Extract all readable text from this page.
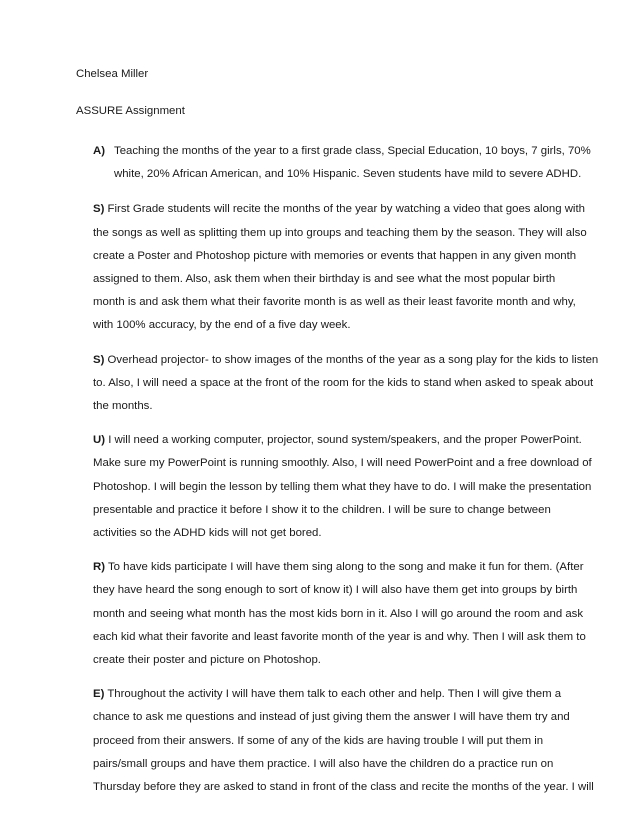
Chelsea Miller
ASSURE Assignment
A) Teaching the months of the year to a first grade class, Special Education, 10 boys, 7 girls, 70%
white, 20% African American, and 10% Hispanic. Seven students have mild to severe ADHD.
S) First Grade students will recite the months of the year by watching a video that goes along with
the songs as well as splitting them up into groups and teaching them by the season. They will also
create a Poster and Photoshop picture with memories or events that happen in any given month
assigned to them. Also, ask them when their birthday is and see what the most popular birth
month is and ask them what their favorite month is as well as their least favorite month and why,
with 100% accuracy, by the end of a five day week.
S) Overhead projector- to show images of the months of the year as a song play for the kids to listen
to. Also, I will need a space at the front of the room for the kids to stand when asked to speak about
the months.
U) I will need a working computer, projector, sound system/speakers, and the proper PowerPoint.
Make sure my PowerPoint is running smoothly. Also, I will need PowerPoint and a free download of
Photoshop. I will begin the lesson by telling them what they have to do. I will make the presentation
presentable and practice it before I show it to the children. I will be sure to change between
activities so the ADHD kids will not get bored.
R) To have kids participate I will have them sing along to the song and make it fun for them. (After
they have heard the song enough to sort of know it) I will also have them get into groups by birth
month and seeing what month has the most kids born in it. Also I will go around the room and ask
each kid what their favorite and least favorite month of the year is and why. Then I will ask them to
create their poster and picture on Photoshop.
E) Throughout the activity I will have them talk to each other and help. Then I will give them a
chance to ask me questions and instead of just giving them the answer I will have them try and
proceed from their answers. If some of any of the kids are having trouble I will put them in
pairs/small groups and have them practice. I will also have the children do a practice run on
Thursday before they are asked to stand in front of the class and recite the months of the year. I will
